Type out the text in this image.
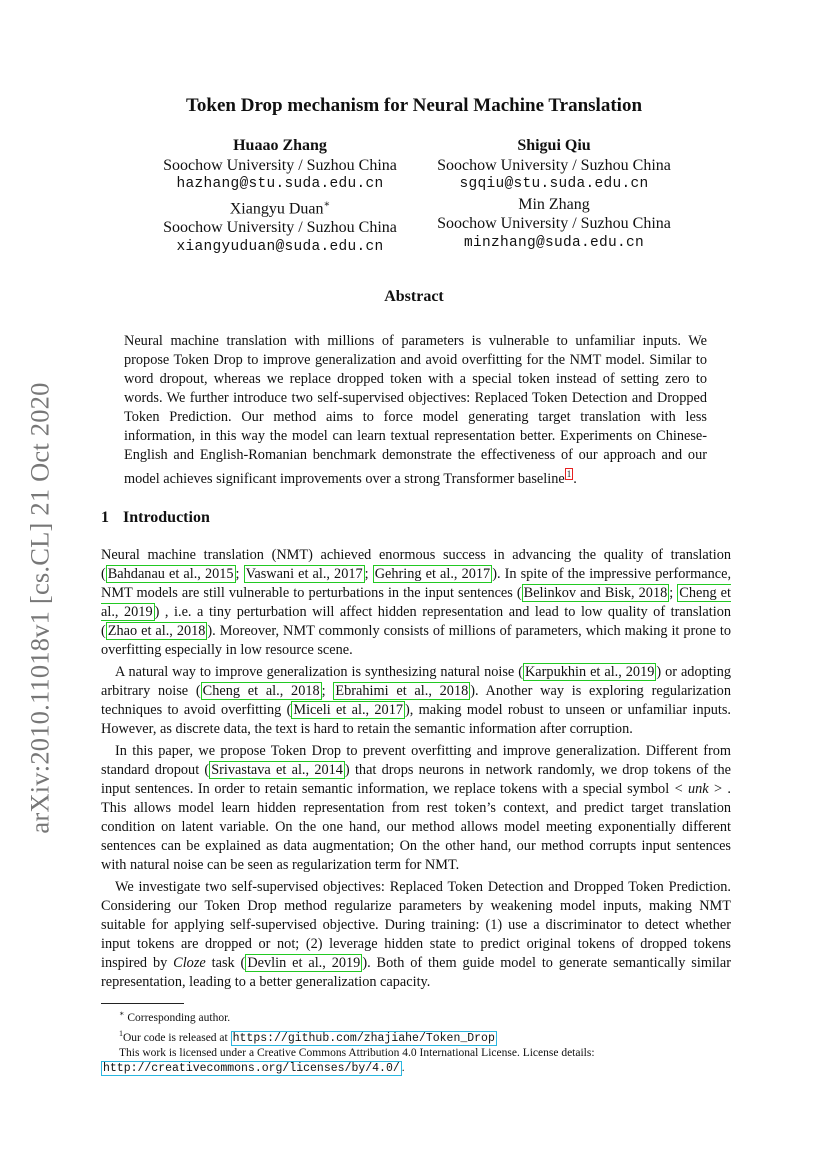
arXiv:2010.11018v1 [cs.CL] 21 Oct 2020
Token Drop mechanism for Neural Machine Translation
Huaao Zhang
Soochow University / Suzhou China
hazhang@stu.suda.edu.cn
Xiangyu Duan∗
Soochow University / Suzhou China
xiangyuduan@suda.edu.cn
Shigui Qiu
Soochow University / Suzhou China
sgqiu@stu.suda.edu.cn
Min Zhang
Soochow University / Suzhou China
minzhang@suda.edu.cn
Abstract

Neural machine translation with millions of parameters is vulnerable to unfamiliar inputs. We propose Token Drop to improve generalization and avoid overfitting for the NMT model. Similar to word dropout, whereas we replace dropped token with a special token instead of setting zero to words. We further introduce two self-supervised objectives: Replaced Token Detection and Dropped Token Prediction. Our method aims to force model generating target translation with less information, in this way the model can learn textual representation better. Experiments on Chinese-English and English-Romanian benchmark demonstrate the effectiveness of our approach and our model achieves significant improvements over a strong Transformer baseline $^1$ .

1 Introduction

Neural machine translation (NMT) achieved enormous success in advancing the quality of translation ( Bahdanau et al., 2015 ; Vaswani et al., 2017 ; Gehring et al., 2017 ). In spite of the impressive performance, NMT models are still vulnerable to perturbations in the input sentences ( Belinkov and Bisk, 2018 ; Cheng et al., 2019 ) , i.e. a tiny perturbation will affect hidden representation and lead to low quality of translation ( Zhao et al., 2018 ). Moreover, NMT commonly consists of millions of parameters, which making it prone to overfitting especially in low resource scene.

A natural way to improve generalization is synthesizing natural noise ( Karpukhin et al., 2019 ) or adopting arbitrary noise ( Cheng et al., 2018 ; Ebrahimi et al., 2018 ). Another way is exploring regularization techniques to avoid overfitting ( Miceli et al., 2017 ), making model robust to unseen or unfamiliar inputs. However, as discrete data, the text is hard to retain the semantic information after corruption.

In this paper, we propose Token Drop to prevent overfitting and improve generalization. Different from standard dropout ( Srivastava et al., 2014 ) that drops neurons in network randomly, we drop tokens of the input sentences. In order to retain semantic information, we replace tokens with a special symbol < unk > . This allows model learn hidden representation from rest token’s context, and predict target translation condition on latent variable. On the one hand, our method allows model meeting exponentially different sentences can be explained as data augmentation; On the other hand, our method corrupts input sentences with natural noise can be seen as regularization term for NMT.

We investigate two self-supervised objectives: Replaced Token Detection and Dropped Token Prediction. Considering our Token Drop method regularize parameters by weakening model inputs, making NMT suitable for applying self-supervised objective. During training: (1) use a discriminator to detect whether input tokens are dropped or not; (2) leverage hidden state to predict original tokens of dropped tokens inspired by Cloze task ( Devlin et al., 2019 ). Both of them guide model to generate semantically similar representation, leading to a better generalization capacity.

∗ Corresponding author.

$^1$Our code is released at https://github.com/zhajiahe/Token_Drop

This work is licensed under a Creative Commons Attribution 4.0 International License. License details: http://creativecommons.org/licenses/by/4.0/ .
